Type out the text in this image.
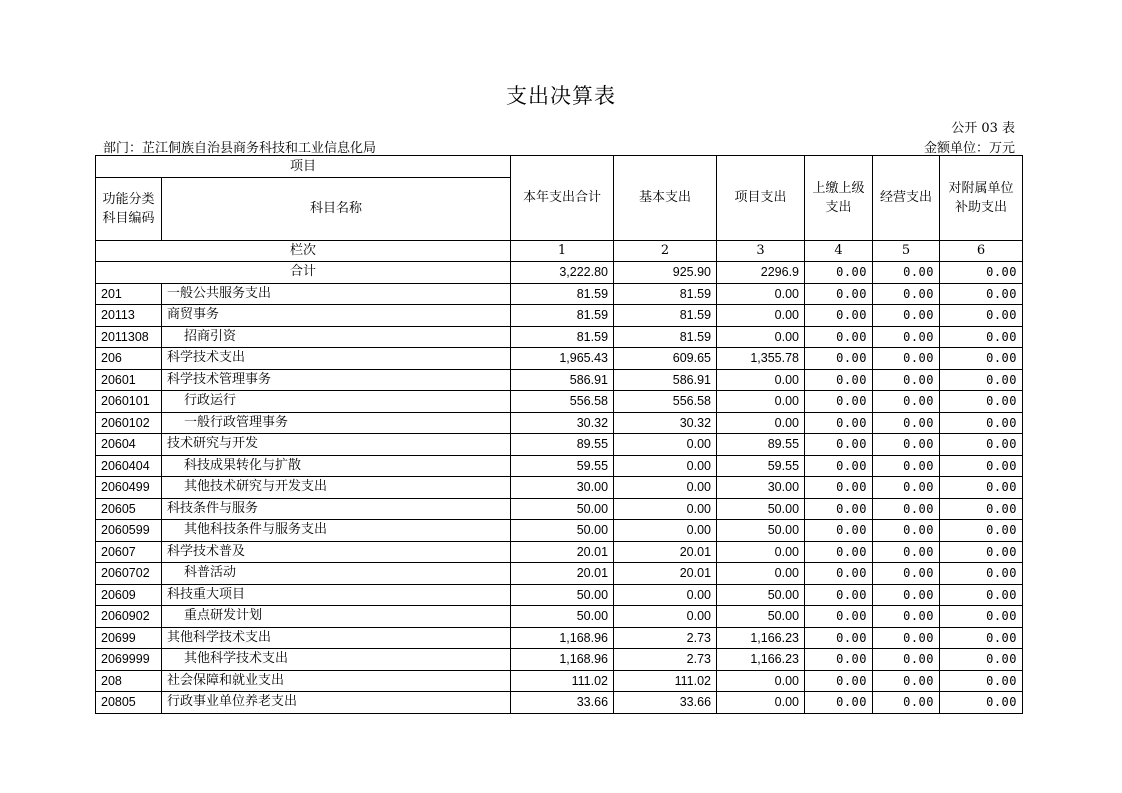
支出决算表
公开 03 表
部门：芷江侗族自治县商务科技和工业信息化局	金额单位：万元
项目		本年支出合计	基本支出	项目支出	上缴上级支出	经营支出	对附属单位补助支出
功能分类科目编码	科目名称						
栏次		1	2	3	4	5	6
合计		3,222.80	925.90	2296.9	0.00	0.00	0.00
201	一般公共服务支出	81.59	81.59	0.00	0.00	0.00	0.00
20113	商贸事务	81.59	81.59	0.00	0.00	0.00	0.00
2011308	招商引资	81.59	81.59	0.00	0.00	0.00	0.00
206	科学技术支出	1,965.43	609.65	1,355.78	0.00	0.00	0.00
20601	科学技术管理事务	586.91	586.91	0.00	0.00	0.00	0.00
2060101	行政运行	556.58	556.58	0.00	0.00	0.00	0.00
2060102	一般行政管理事务	30.32	30.32	0.00	0.00	0.00	0.00
20604	技术研究与开发	89.55	0.00	89.55	0.00	0.00	0.00
2060404	科技成果转化与扩散	59.55	0.00	59.55	0.00	0.00	0.00
2060499	其他技术研究与开发支出	30.00	0.00	30.00	0.00	0.00	0.00
20605	科技条件与服务	50.00	0.00	50.00	0.00	0.00	0.00
2060599	其他科技条件与服务支出	50.00	0.00	50.00	0.00	0.00	0.00
20607	科学技术普及	20.01	20.01	0.00	0.00	0.00	0.00
2060702	科普活动	20.01	20.01	0.00	0.00	0.00	0.00
20609	科技重大项目	50.00	0.00	50.00	0.00	0.00	0.00
2060902	重点研发计划	50.00	0.00	50.00	0.00	0.00	0.00
20699	其他科学技术支出	1,168.96	2.73	1,166.23	0.00	0.00	0.00
2069999	其他科学技术支出	1,168.96	2.73	1,166.23	0.00	0.00	0.00
208	社会保障和就业支出	111.02	111.02	0.00	0.00	0.00	0.00
20805	行政事业单位养老支出	33.66	33.66	0.00	0.00	0.00	0.00
